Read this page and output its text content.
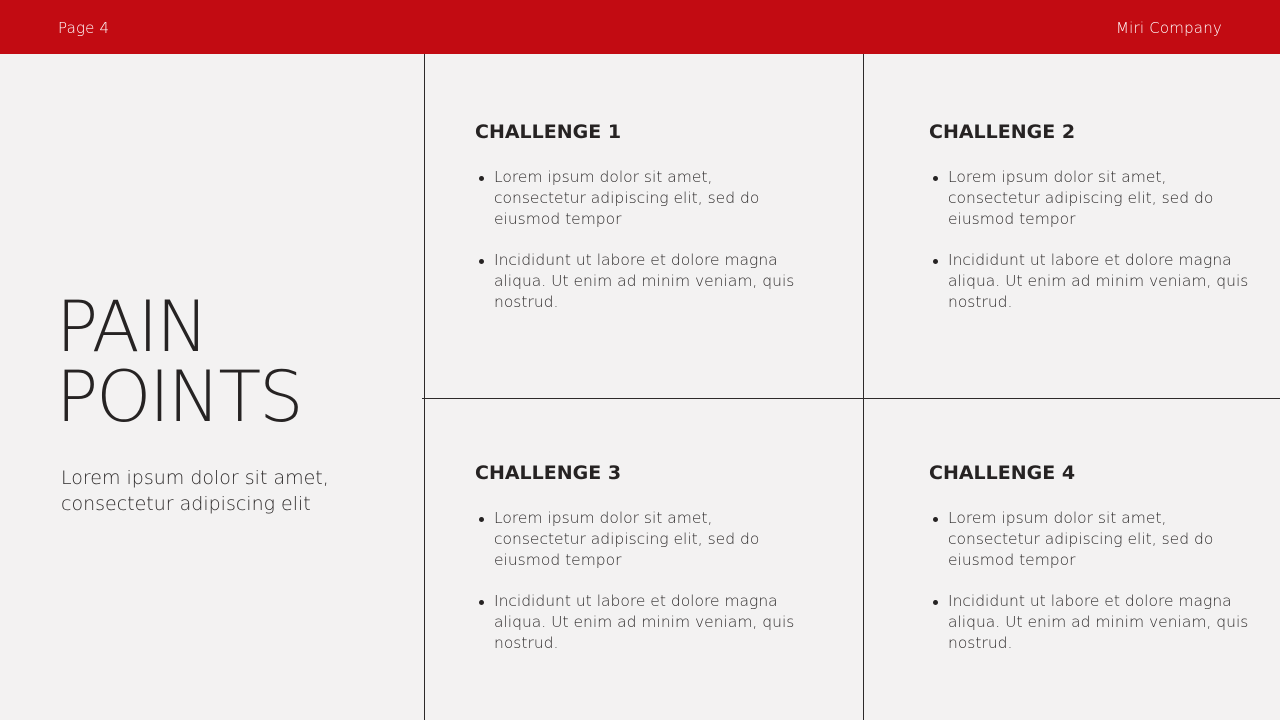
Page 4	Miri Company
PAIN
POINTS
Lorem ipsum dolor sit amet, consectetur adipiscing elit
CHALLENGE 1
Lorem ipsum dolor sit amet, consectetur adipiscing elit, sed do eiusmod tempor
Incididunt ut labore et dolore magna aliqua. Ut enim ad minim veniam, quis nostrud.
CHALLENGE 2
Lorem ipsum dolor sit amet, consectetur adipiscing elit, sed do eiusmod tempor
Incididunt ut labore et dolore magna aliqua. Ut enim ad minim veniam, quis nostrud.
CHALLENGE 3
Lorem ipsum dolor sit amet, consectetur adipiscing elit, sed do eiusmod tempor
Incididunt ut labore et dolore magna aliqua. Ut enim ad minim veniam, quis nostrud.
CHALLENGE 4
Lorem ipsum dolor sit amet, consectetur adipiscing elit, sed do eiusmod tempor
Incididunt ut labore et dolore magna aliqua. Ut enim ad minim veniam, quis nostrud.
